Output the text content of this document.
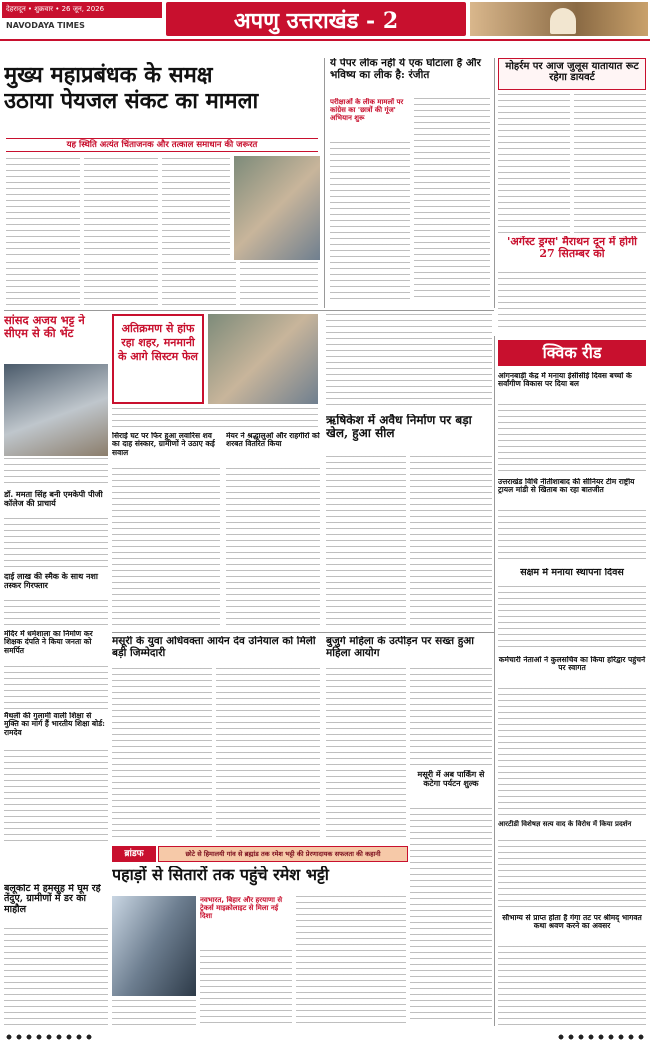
देहरादून • शुक्रवार • 26 जून, 2026
NAVODAYA TIMES	अपणु उत्तराखंड - 2
मुख्य महाप्रबंधक के समक्ष
उठाया पेयजल संकट का मामला
यह स्थिति अत्यंत चिंताजनक और तत्काल समाधान की जरूरत
ये पेपर लीक नहीं ये एक घोटाला है और भविष्य का लीक है: रंजीत
परीक्षाओं के लीक मामलों पर कांग्रेस का 'छात्रों की गूंज' अभियान शुरू
मोहर्रम पर आज जुलूस यातायात रूट रहेगा डायवर्ट
'अगेंस्ट ड्रग्स' मैराथन दून में होगी 27 सितम्बर को
सांसद अजय भट्ट ने सीएम से की भेंट	अतिक्रमण से हांफ रहा शहर, मनमानी के आगे सिस्टम फेल
सिराई घट पर फिर हुआ लवारिस शव का दाह संस्कार, ग्रामीणों ने उठाए कई सवाल
मेयर ने श्रद्धालुओं और राहगीरों को शरबत वितरित किया
ऋषिकेश में अवैध निर्माण पर बड़ा खेल, हुआ सील
डॉ. ममता सिंह बनी एमकेपी पीजी कॉलेज की प्राचार्य
दाई लाख की स्मैक के साथ नशा तस्कर गिरफ्तार
मंदिर में धर्मशाला का निर्माण कर शिक्षक दंपति ने किया जनता को समर्पित
मैथली की गुलामी वाली शिक्षा से मुक्ति का मार्ग हैं भारतीय शिक्षा बोर्ड: रामदेव
मसूरी के युवा अधिवक्ता आर्यन देव उनियाल को मिली बड़ी जिम्मेदारी
बुजुर्ग महिला के उत्पीड़न पर सख्त हुआ महिला आयोग
मसूरी में अब पार्किंग से कटेगा पर्यटन शुल्क
ब्रांडफ	छोटे से हिमालयी गांव से ब्रह्मांड तक रमेश भट्टी की प्रेरणादायक सफलता की कहानी
पहाड़ों से सितारों तक पहुंचे रमेश भट्टी
नवभारत, बिहार और हरयाणा से ट्रेकर्स माइक्रोलाइट से मिला नई दिशा
बलूकोट में हमसूह में घूम रहे तेंदुए, ग्रामीणों में डर का माहौल
क्विक रीड
आंगनबाड़ी केंद्र में मनाया ईसीसीई दिवस बच्चों के सर्वांगीण विकास पर दिया बल
उत्तराखंड विधि नीतीशाबाद की सीनियर टीम राष्ट्रीय ट्रायल मांडी से खिताब का रहा बातजीत
सक्षम में मनाया स्थापना दिवस
कर्मचारी नेताओं ने कुलसचिव का किया हरिद्वार पहुंचने पर स्वागत
आरटीडी विशेषज्ञ सत्य वाद के विरोध में किया प्रदर्शन
सौभाग्य से प्राप्त होता है गंगा तट पर श्रीमद् भागवत कथा श्रवण करने का अवसर
